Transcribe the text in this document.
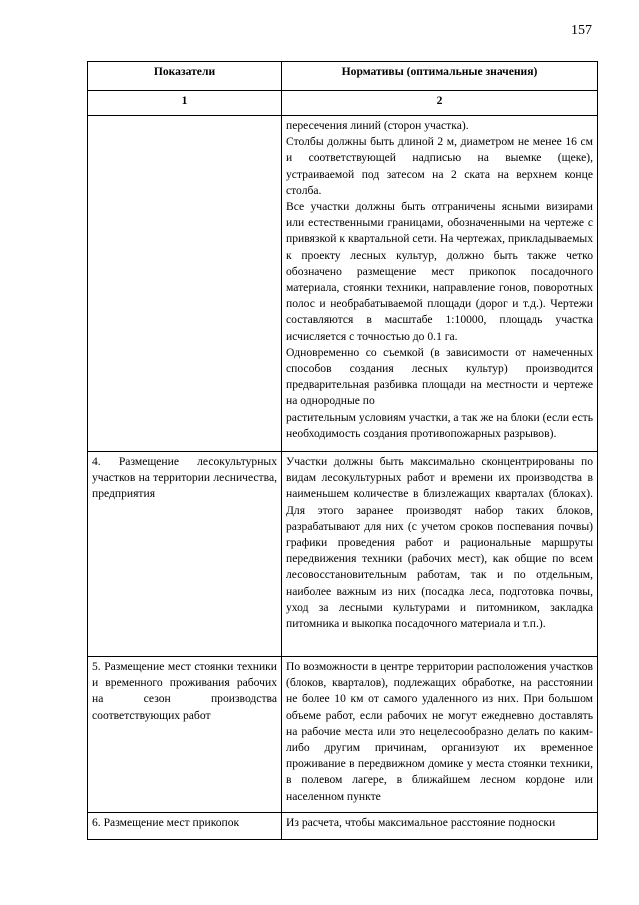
157
Показатели	Нормативы (оптимальные значения)
1	2

	пересечения линий (сторон участка).
Столбы должны быть длиной 2 м, диаметром не менее 16 см и соответствующей надписью на выемке (щеке), устраиваемой под затесом на 2 ската на верхнем конце столба.
Все участки должны быть отграничены ясными визирами или естественными границами, обозначенными на чертеже с привязкой к квартальной сети. На чертежах, прикладываемых к проекту лесных культур, должно быть также четко обозначено размещение мест прикопок посадочного материала, стоянки техники, направление гонов, поворотных полос и необрабатываемой площади (дорог и т.д.). Чертежи составляются в масштабе 1:10000, площадь участка исчисляется с точностью до 0.1 га.
Одновременно со съемкой (в зависимости от намеченных способов создания лесных культур) производится предварительная разбивка площади на местности и чертеже на однородные по
растительным условиям участки, а так же на блоки (если есть необходимость создания противопожарных разрывов).

4. Размещение лесокультурных участков на территории лесничества, предприятия	Участки должны быть максимально сконцентрированы по видам лесокультурных работ и времени их производства в наименьшем количестве в близлежащих кварталах (блоках). Для этого заранее производят набор таких блоков, разрабатывают для них (с учетом сроков поспевания почвы) графики проведения работ и рациональные маршруты передвижения техники (рабочих мест), как общие по всем лесовосстановительным работам, так и по отдельным, наиболее важным из них (посадка леса, подготовка почвы, уход за лесными культурами и питомником, закладка питомника и выкопка посадочного материала и т.п.).

5. Размещение мест стоянки техники и временного проживания рабочих на сезон производства соответствующих работ	По возможности в центре территории расположения участков (блоков, кварталов), подлежащих обработке, на расстоянии не более 10 км от самого удаленного из них. При большом объеме работ, если рабочих не могут ежедневно доставлять на рабочие места или это нецелесообразно делать по каким-либо другим причинам, организуют их временное проживание в передвижном домике у места стоянки техники, в полевом лагере, в ближайшем лесном кордоне или населенном пункте

6. Размещение мест прикопок	Из расчета, чтобы максимальное расстояние подноски
